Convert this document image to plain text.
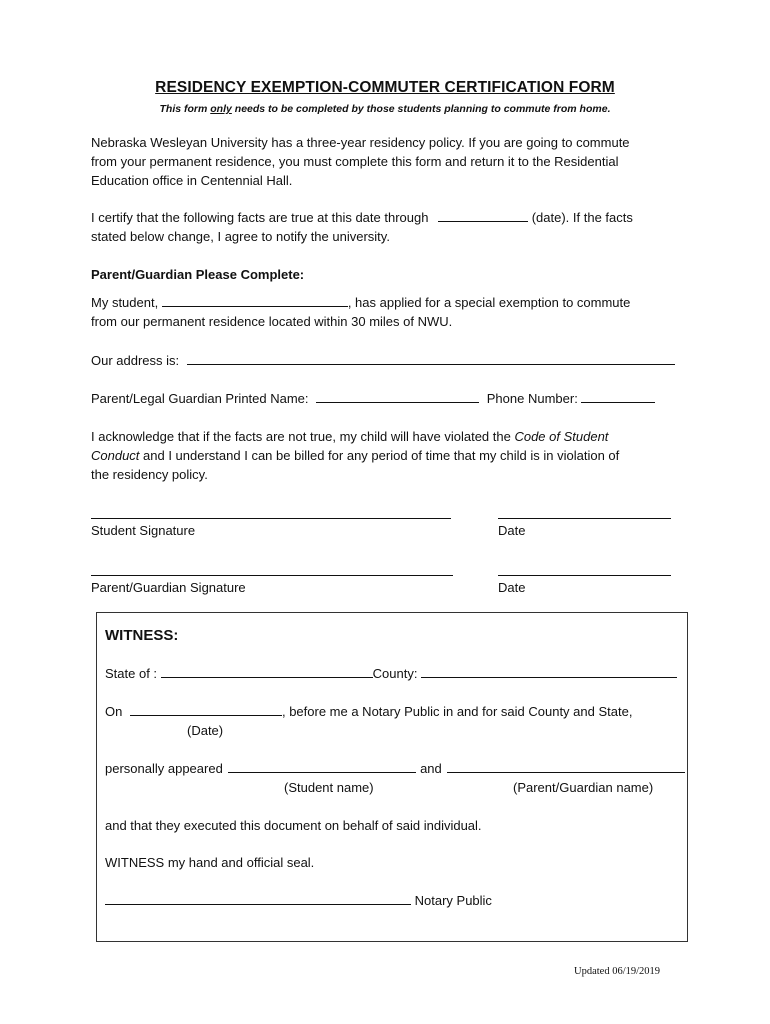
RESIDENCY EXEMPTION-COMMUTER CERTIFICATION FORM
This form only needs to be completed by those students planning to commute from home.
Nebraska Wesleyan University has a three-year residency policy. If you are going to commute
from your permanent residence, you must complete this form and return it to the Residential
Education office in Centennial Hall.
I certify that the following facts are true at this date through	(date). If the facts
stated below change, I agree to notify the university.
Parent/Guardian Please Complete:
My student,	, has applied for a special exemption to commute
from our permanent residence located within 30 miles of NWU.
Our address is:
Parent/Legal Guardian Printed Name:	Phone Number:
I acknowledge that if the facts are not true, my child will have violated the Code of Student
Conduct and I understand I can be billed for any period of time that my child is in violation of
the residency policy.
Student Signature	Date
Parent/Guardian Signature	Date
WITNESS:
State of :	County:
On	, before me a Notary Public in and for said County and State,
(Date)
personally appeared	and
(Student name)	(Parent/Guardian name)
and that they executed this document on behalf of said individual.
WITNESS my hand and official seal.
Notary Public
Updated 06/19/2019
